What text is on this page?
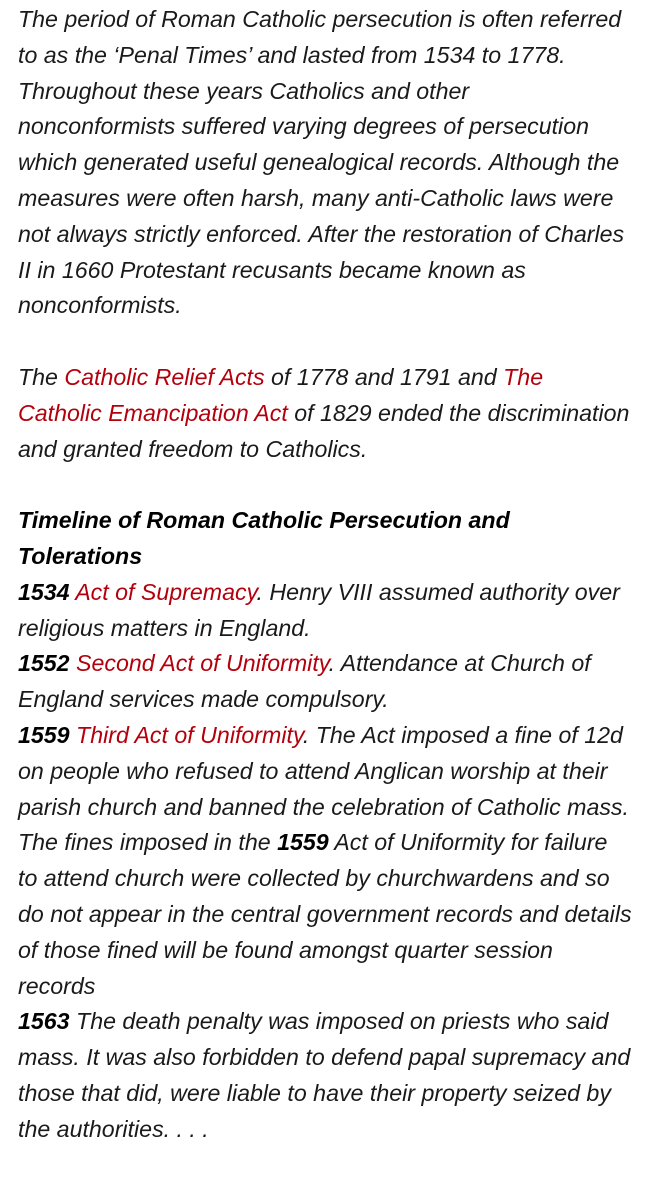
The period of Roman Catholic persecution is often referred to as the ‘Penal Times’ and lasted from 1534 to 1778. Throughout these years Catholics and other nonconformists suffered varying degrees of persecution which generated useful genealogical records. Although the measures were often harsh, many anti-Catholic laws were not always strictly enforced. After the restoration of Charles II in 1660 Protestant recusants became known as nonconformists.

The Catholic Relief Acts of 1778 and 1791 and The Catholic Emancipation Act of 1829 ended the discrimination and granted freedom to Catholics.

Timeline of Roman Catholic Persecution and Tolerations

1534 Act of Supremacy. Henry VIII assumed authority over religious matters in England.

1552 Second Act of Uniformity. Attendance at Church of England services made compulsory.

1559 Third Act of Uniformity. The Act imposed a fine of 12d on people who refused to attend Anglican worship at their parish church and banned the celebration of Catholic mass. The fines imposed in the 1559 Act of Uniformity for failure to attend church were collected by churchwardens and so do not appear in the central government records and details of those fined will be found amongst quarter session records

1563 The death penalty was imposed on priests who said mass. It was also forbidden to defend papal supremacy and those that did, were liable to have their property seized by the authorities. . . .
